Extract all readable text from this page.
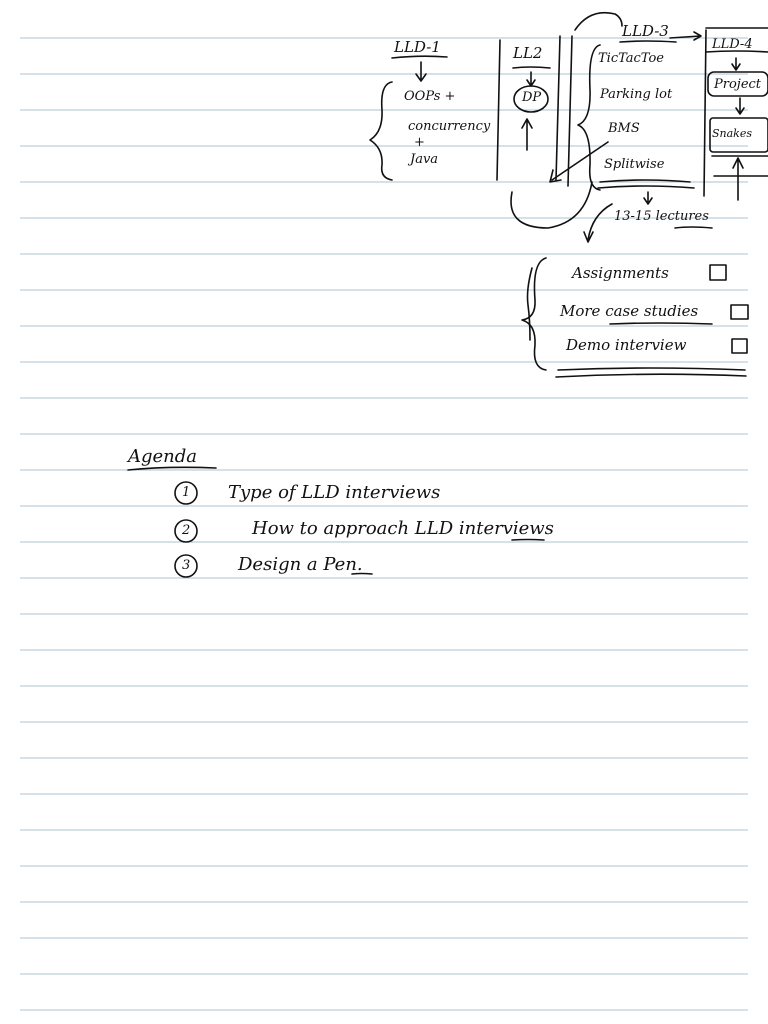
LLD-1
OOPs +
concurrency
+
Java
LL2
DP
LLD-3
TicTacToe
Parking lot
BMS
Splitwise
13-15 lectures
LLD-4
Project
Snakes
Assignments
More case studies
Demo interview
Agenda
1 Type of LLD interviews
2	How to approach LLD interviews
3	Design a Pen.
